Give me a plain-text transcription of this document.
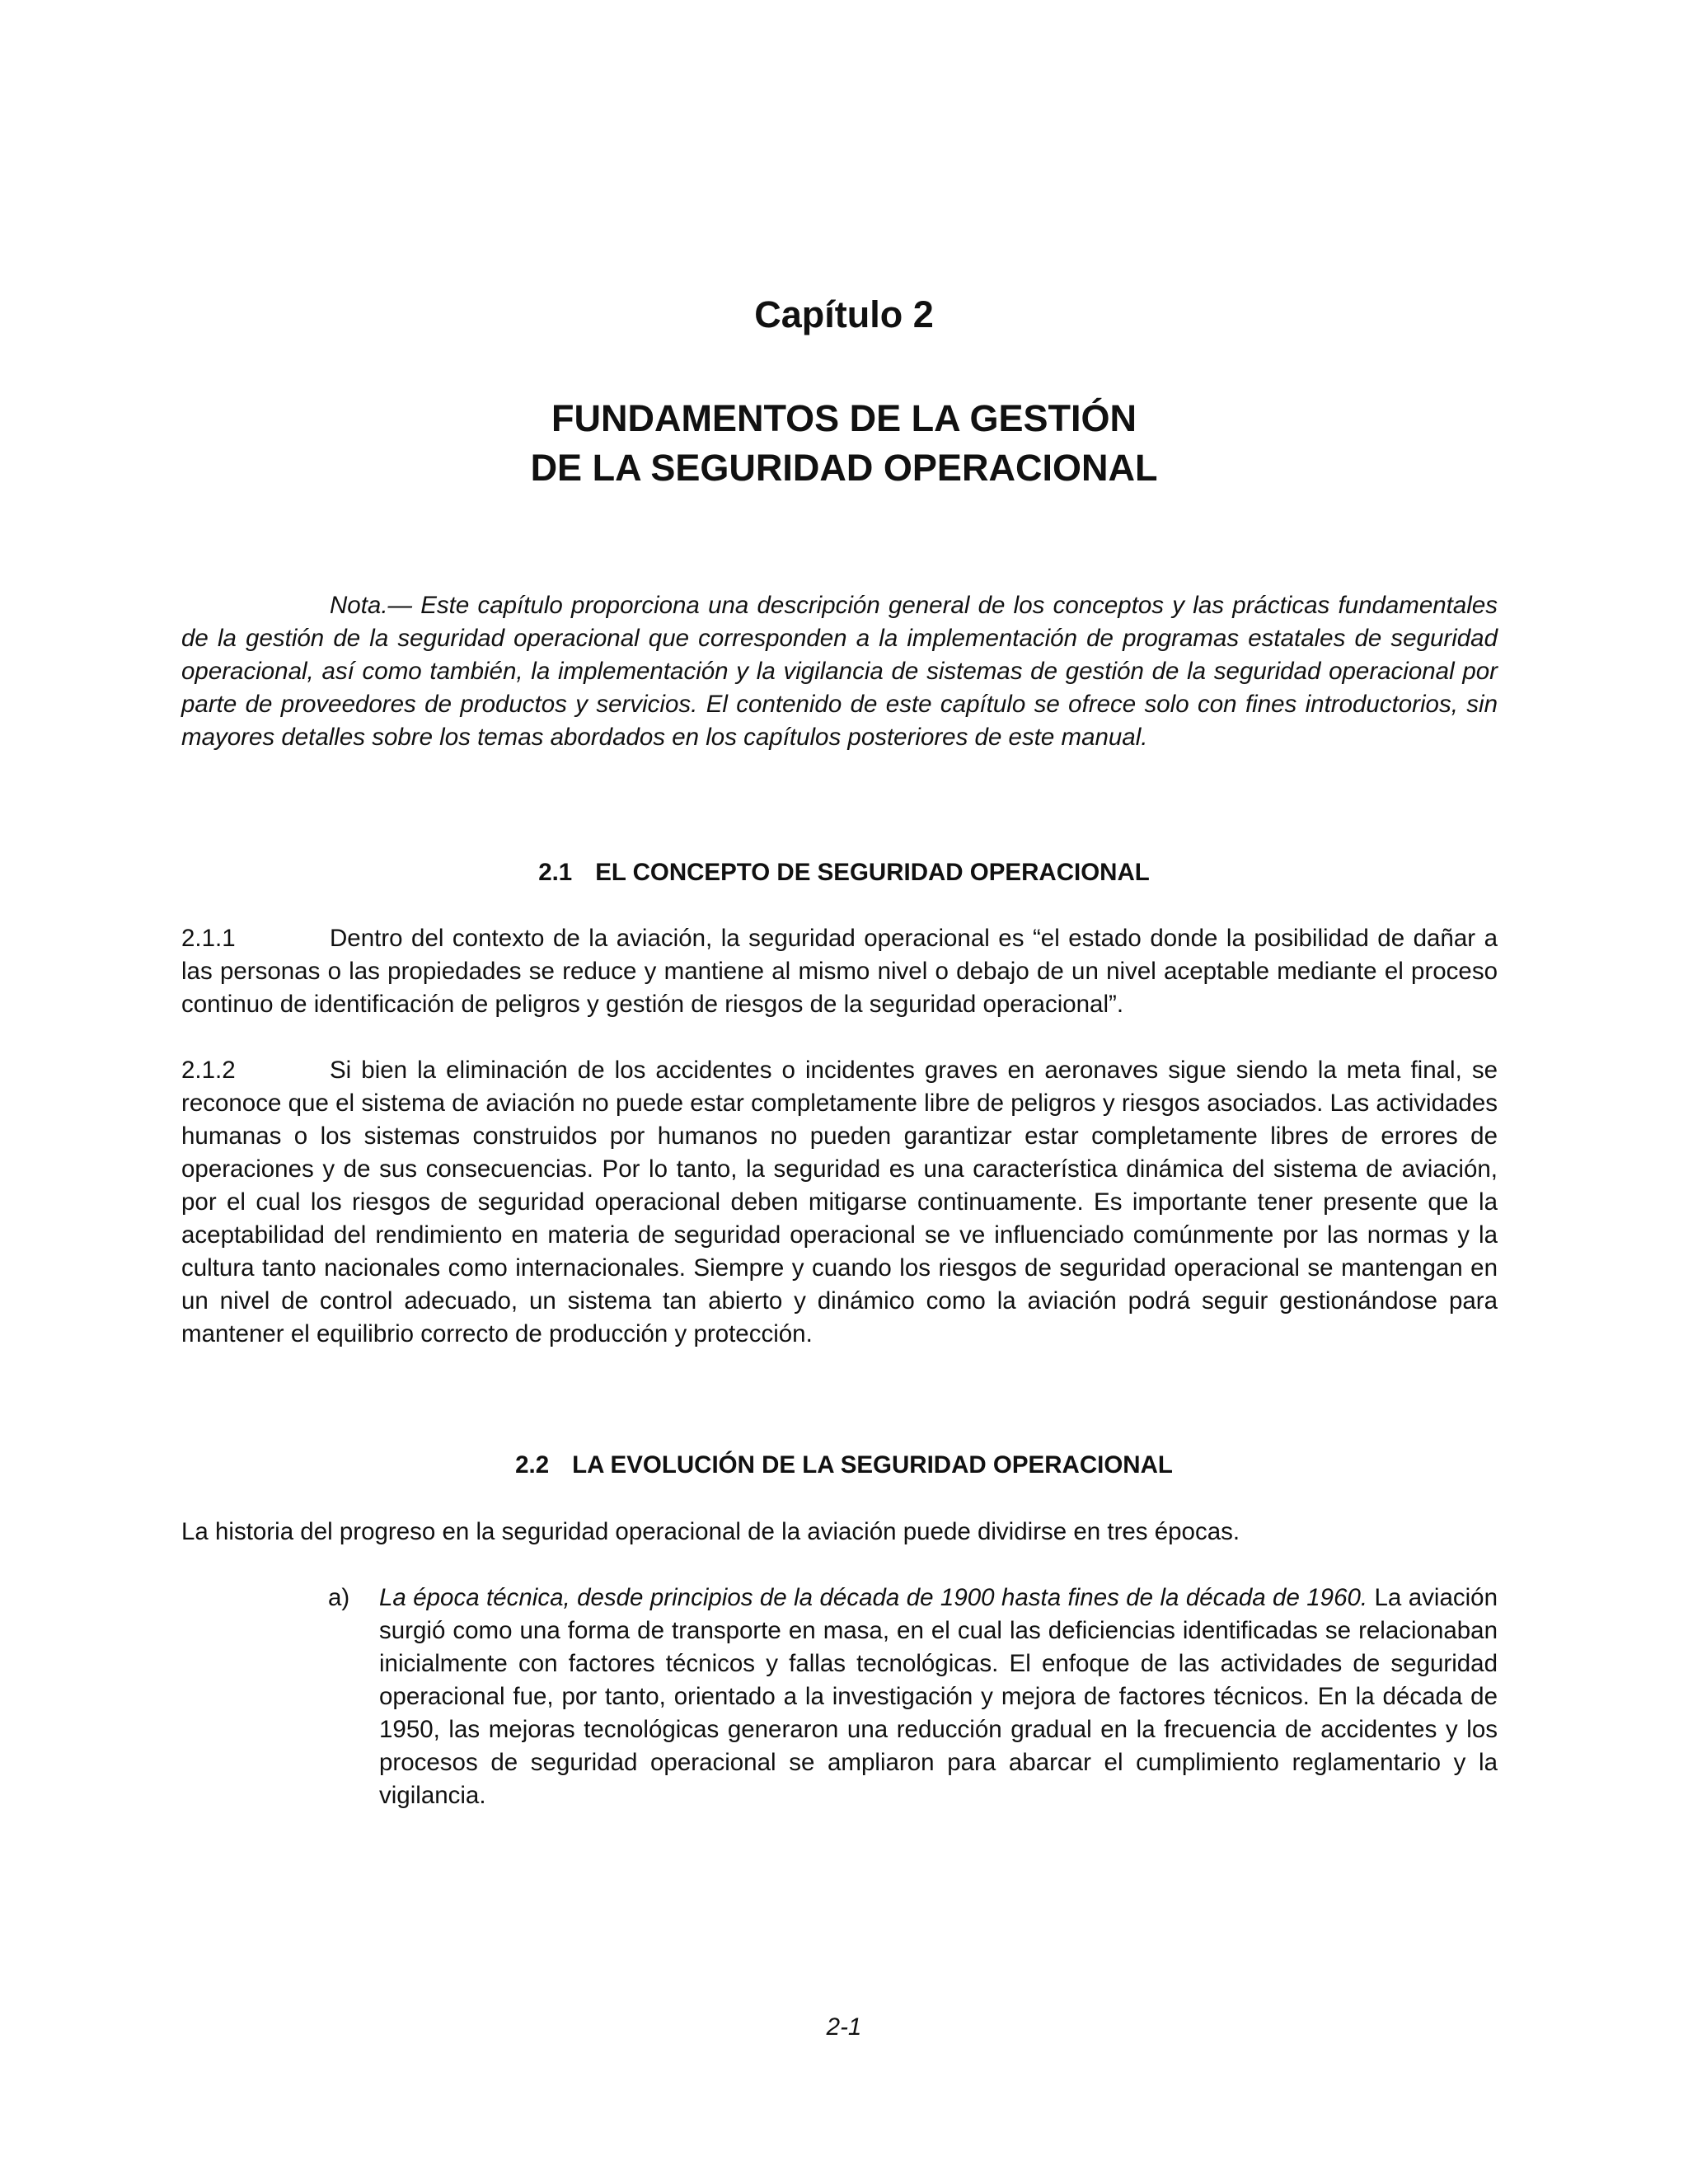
Capítulo 2
FUNDAMENTOS DE LA GESTIÓN
DE LA SEGURIDAD OPERACIONAL
Nota.— Este capítulo proporciona una descripción general de los conceptos y las prácticas fundamentales de la gestión de la seguridad operacional que corresponden a la implementación de programas estatales de seguridad operacional, así como también, la implementación y la vigilancia de sistemas de gestión de la seguridad operacional por parte de proveedores de productos y servicios. El contenido de este capítulo se ofrece solo con fines introductorios, sin mayores detalles sobre los temas abordados en los capítulos posteriores de este manual.
2.1 EL CONCEPTO DE SEGURIDAD OPERACIONAL
2.1.1	Dentro del contexto de la aviación, la seguridad operacional es “el estado donde la posibilidad de dañar a las personas o las propiedades se reduce y mantiene al mismo nivel o debajo de un nivel aceptable mediante el proceso continuo de identificación de peligros y gestión de riesgos de la seguridad operacional”.
2.1.2	Si bien la eliminación de los accidentes o incidentes graves en aeronaves sigue siendo la meta final, se reconoce que el sistema de aviación no puede estar completamente libre de peligros y riesgos asociados. Las actividades humanas o los sistemas construidos por humanos no pueden garantizar estar completamente libres de errores de operaciones y de sus consecuencias. Por lo tanto, la seguridad es una característica dinámica del sistema de aviación, por el cual los riesgos de seguridad operacional deben mitigarse continuamente. Es importante tener presente que la aceptabilidad del rendimiento en materia de seguridad operacional se ve influenciado comúnmente por las normas y la cultura tanto nacionales como internacionales. Siempre y cuando los riesgos de seguridad operacional se mantengan en un nivel de control adecuado, un sistema tan abierto y dinámico como la aviación podrá seguir gestionándose para mantener el equilibrio correcto de producción y protección.
2.2 LA EVOLUCIÓN DE LA SEGURIDAD OPERACIONAL
La historia del progreso en la seguridad operacional de la aviación puede dividirse en tres épocas.
a) La época técnica, desde principios de la década de 1900 hasta fines de la década de 1960. La aviación surgió como una forma de transporte en masa, en el cual las deficiencias identificadas se relacionaban inicialmente con factores técnicos y fallas tecnológicas. El enfoque de las actividades de seguridad operacional fue, por tanto, orientado a la investigación y mejora de factores técnicos. En la década de 1950, las mejoras tecnológicas generaron una reducción gradual en la frecuencia de accidentes y los procesos de seguridad operacional se ampliaron para abarcar el cumplimiento reglamentario y la vigilancia.
2-1
